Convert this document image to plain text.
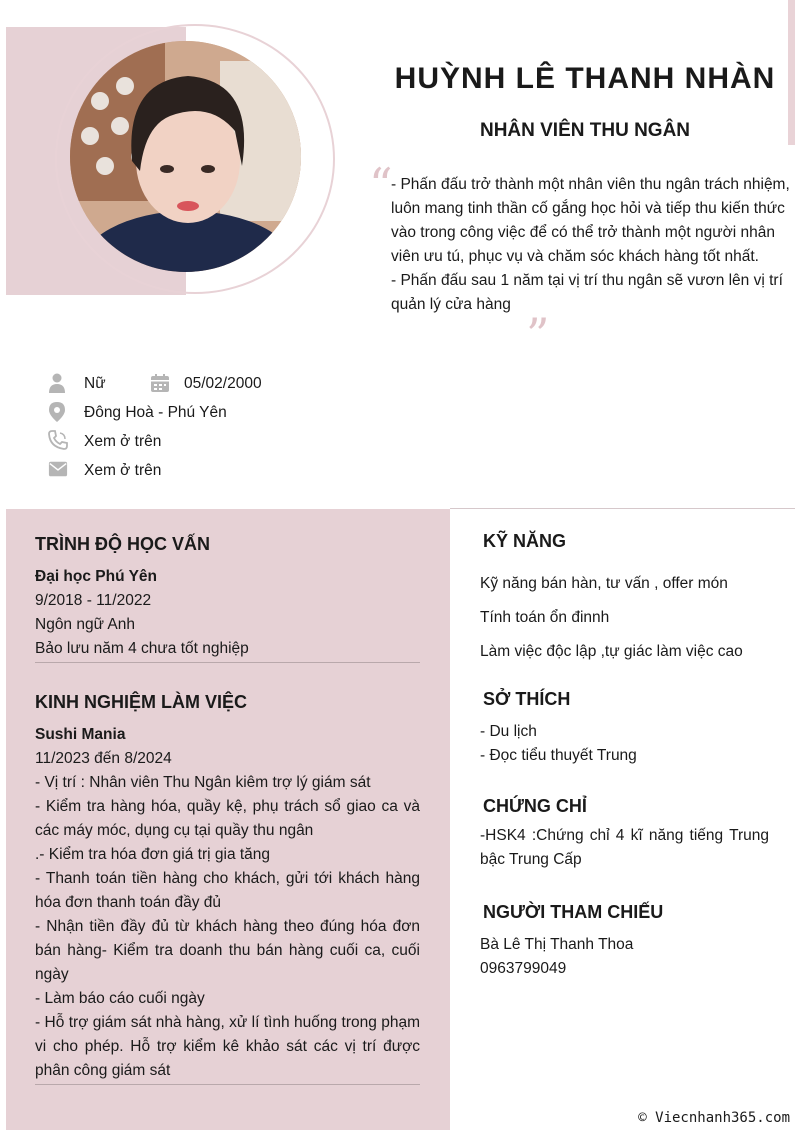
HUỲNH LÊ THANH NHÀN
NHÂN VIÊN THU NGÂN
“
- Phấn đấu trở thành một nhân viên thu ngân trách nhiệm, luôn mang tinh thần cố gắng học hỏi và tiếp thu kiến thức vào trong công việc để có thể trở thành một người nhân viên ưu tú, phục vụ và chăm sóc khách hàng tốt nhất.
- Phấn đấu sau 1 năm tại vị trí thu ngân sẽ vươn lên vị trí quản lý cửa hàng
”
Nữ	05/02/2000
Đông Hoà - Phú Yên
Xem ở trên
Xem ở trên
TRÌNH ĐỘ HỌC VẤN
Đại học Phú Yên
9/2018 - 11/2022
Ngôn ngữ Anh
Bảo lưu năm 4 chưa tốt nghiệp
KINH NGHIỆM LÀM VIỆC
Sushi Mania
11/2023 đến 8/2024
- Vị trí : Nhân viên Thu Ngân kiêm trợ lý giám sát
- Kiểm tra hàng hóa, quầy kệ, phụ trách sổ giao ca và các máy móc, dụng cụ tại quầy thu ngân
.- Kiểm tra hóa đơn giá trị gia tăng
- Thanh toán tiền hàng cho khách, gửi tới khách hàng hóa đơn thanh toán đầy đủ
- Nhận tiền đầy đủ từ khách hàng theo đúng hóa đơn bán hàng- Kiểm tra doanh thu bán hàng cuối ca, cuối ngày
- Làm báo cáo cuối ngày
- Hỗ trợ giám sát nhà hàng, xử lí tình huống trong phạm vi cho phép. Hỗ trợ kiểm kê khảo sát các vị trí được phân công giám sát
KỸ NĂNG
Kỹ năng bán hàn, tư vấn , offer món
Tính toán ổn đinnh
Làm việc độc lập ,tự giác làm việc cao
SỞ THÍCH
- Du lịch
- Đọc tiểu thuyết Trung
CHỨNG CHỈ
-HSK4 :Chứng chỉ 4 kĩ năng tiếng Trung bậc Trung Cấp
NGƯỜI THAM CHIẾU
Bà Lê Thị Thanh Thoa
0963799049
© Viecnhanh365.com
